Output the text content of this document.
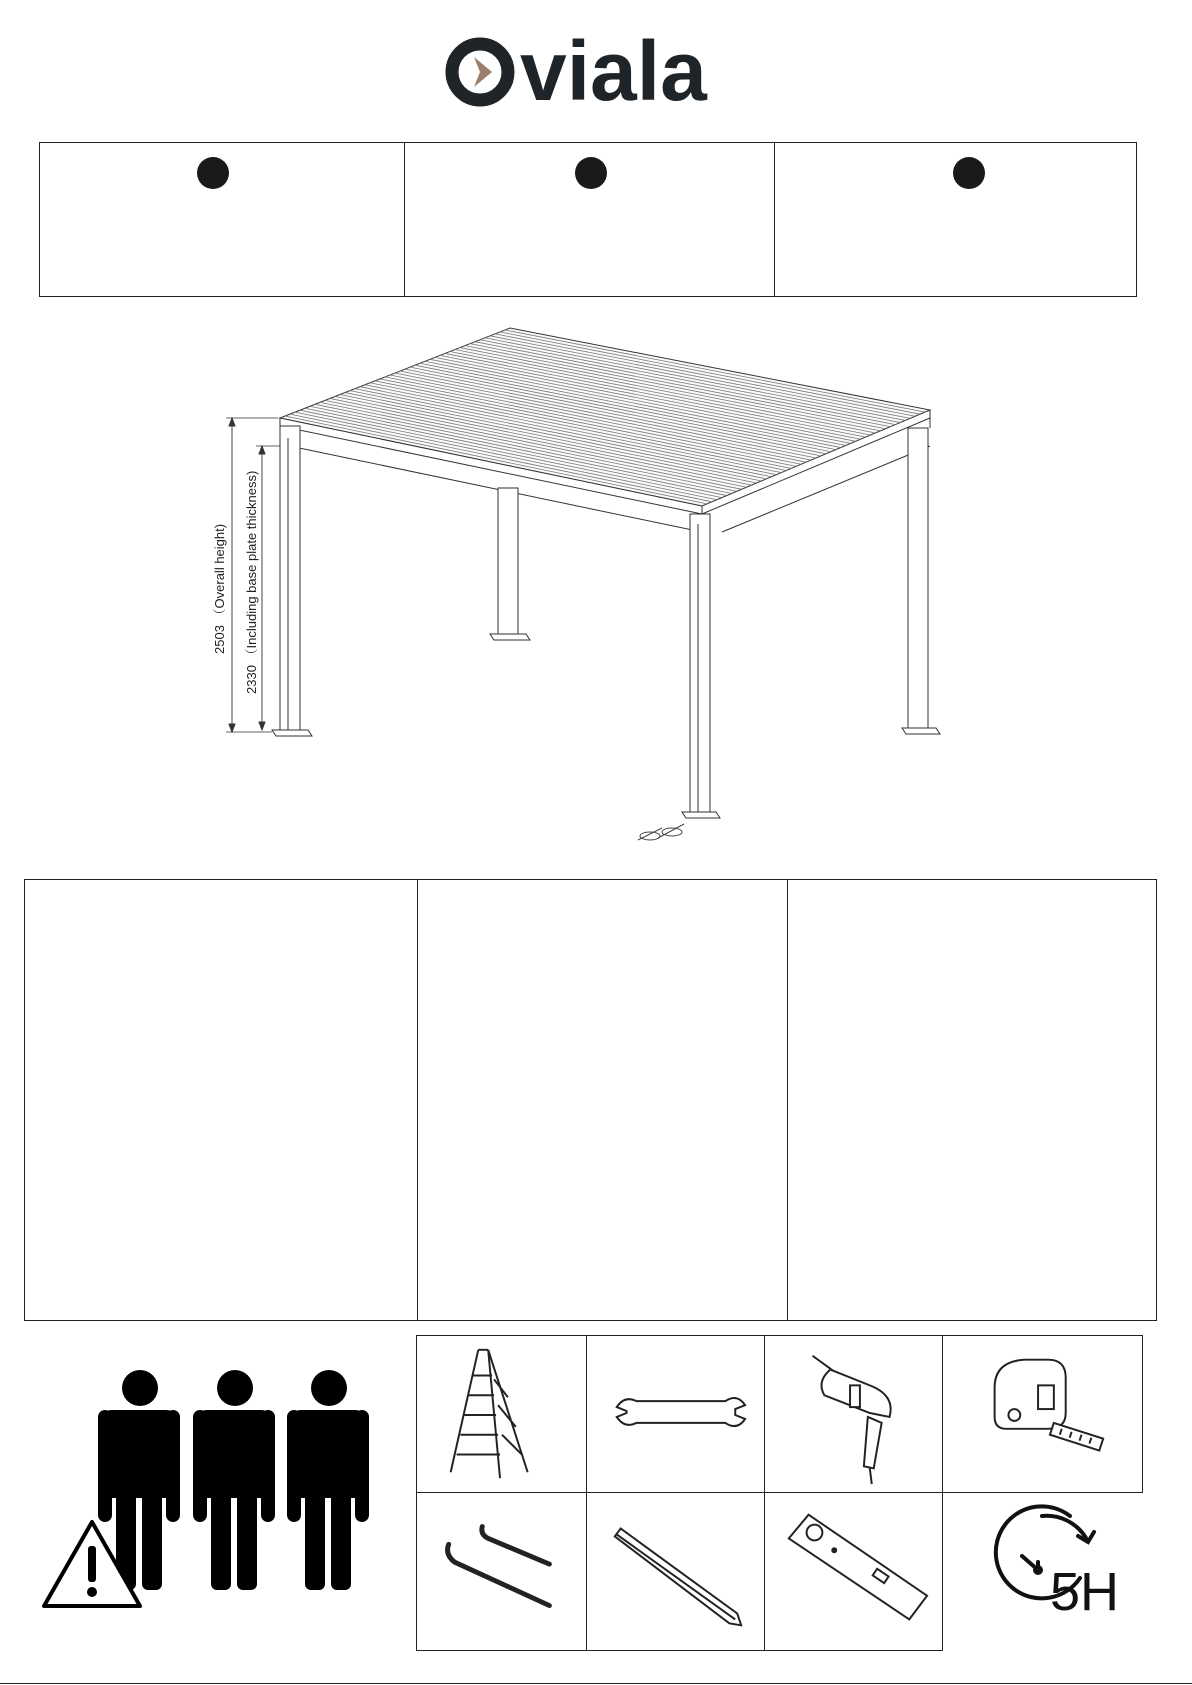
viala
2503 （Overall height) 2330 （Including base plate thickness)
5H
